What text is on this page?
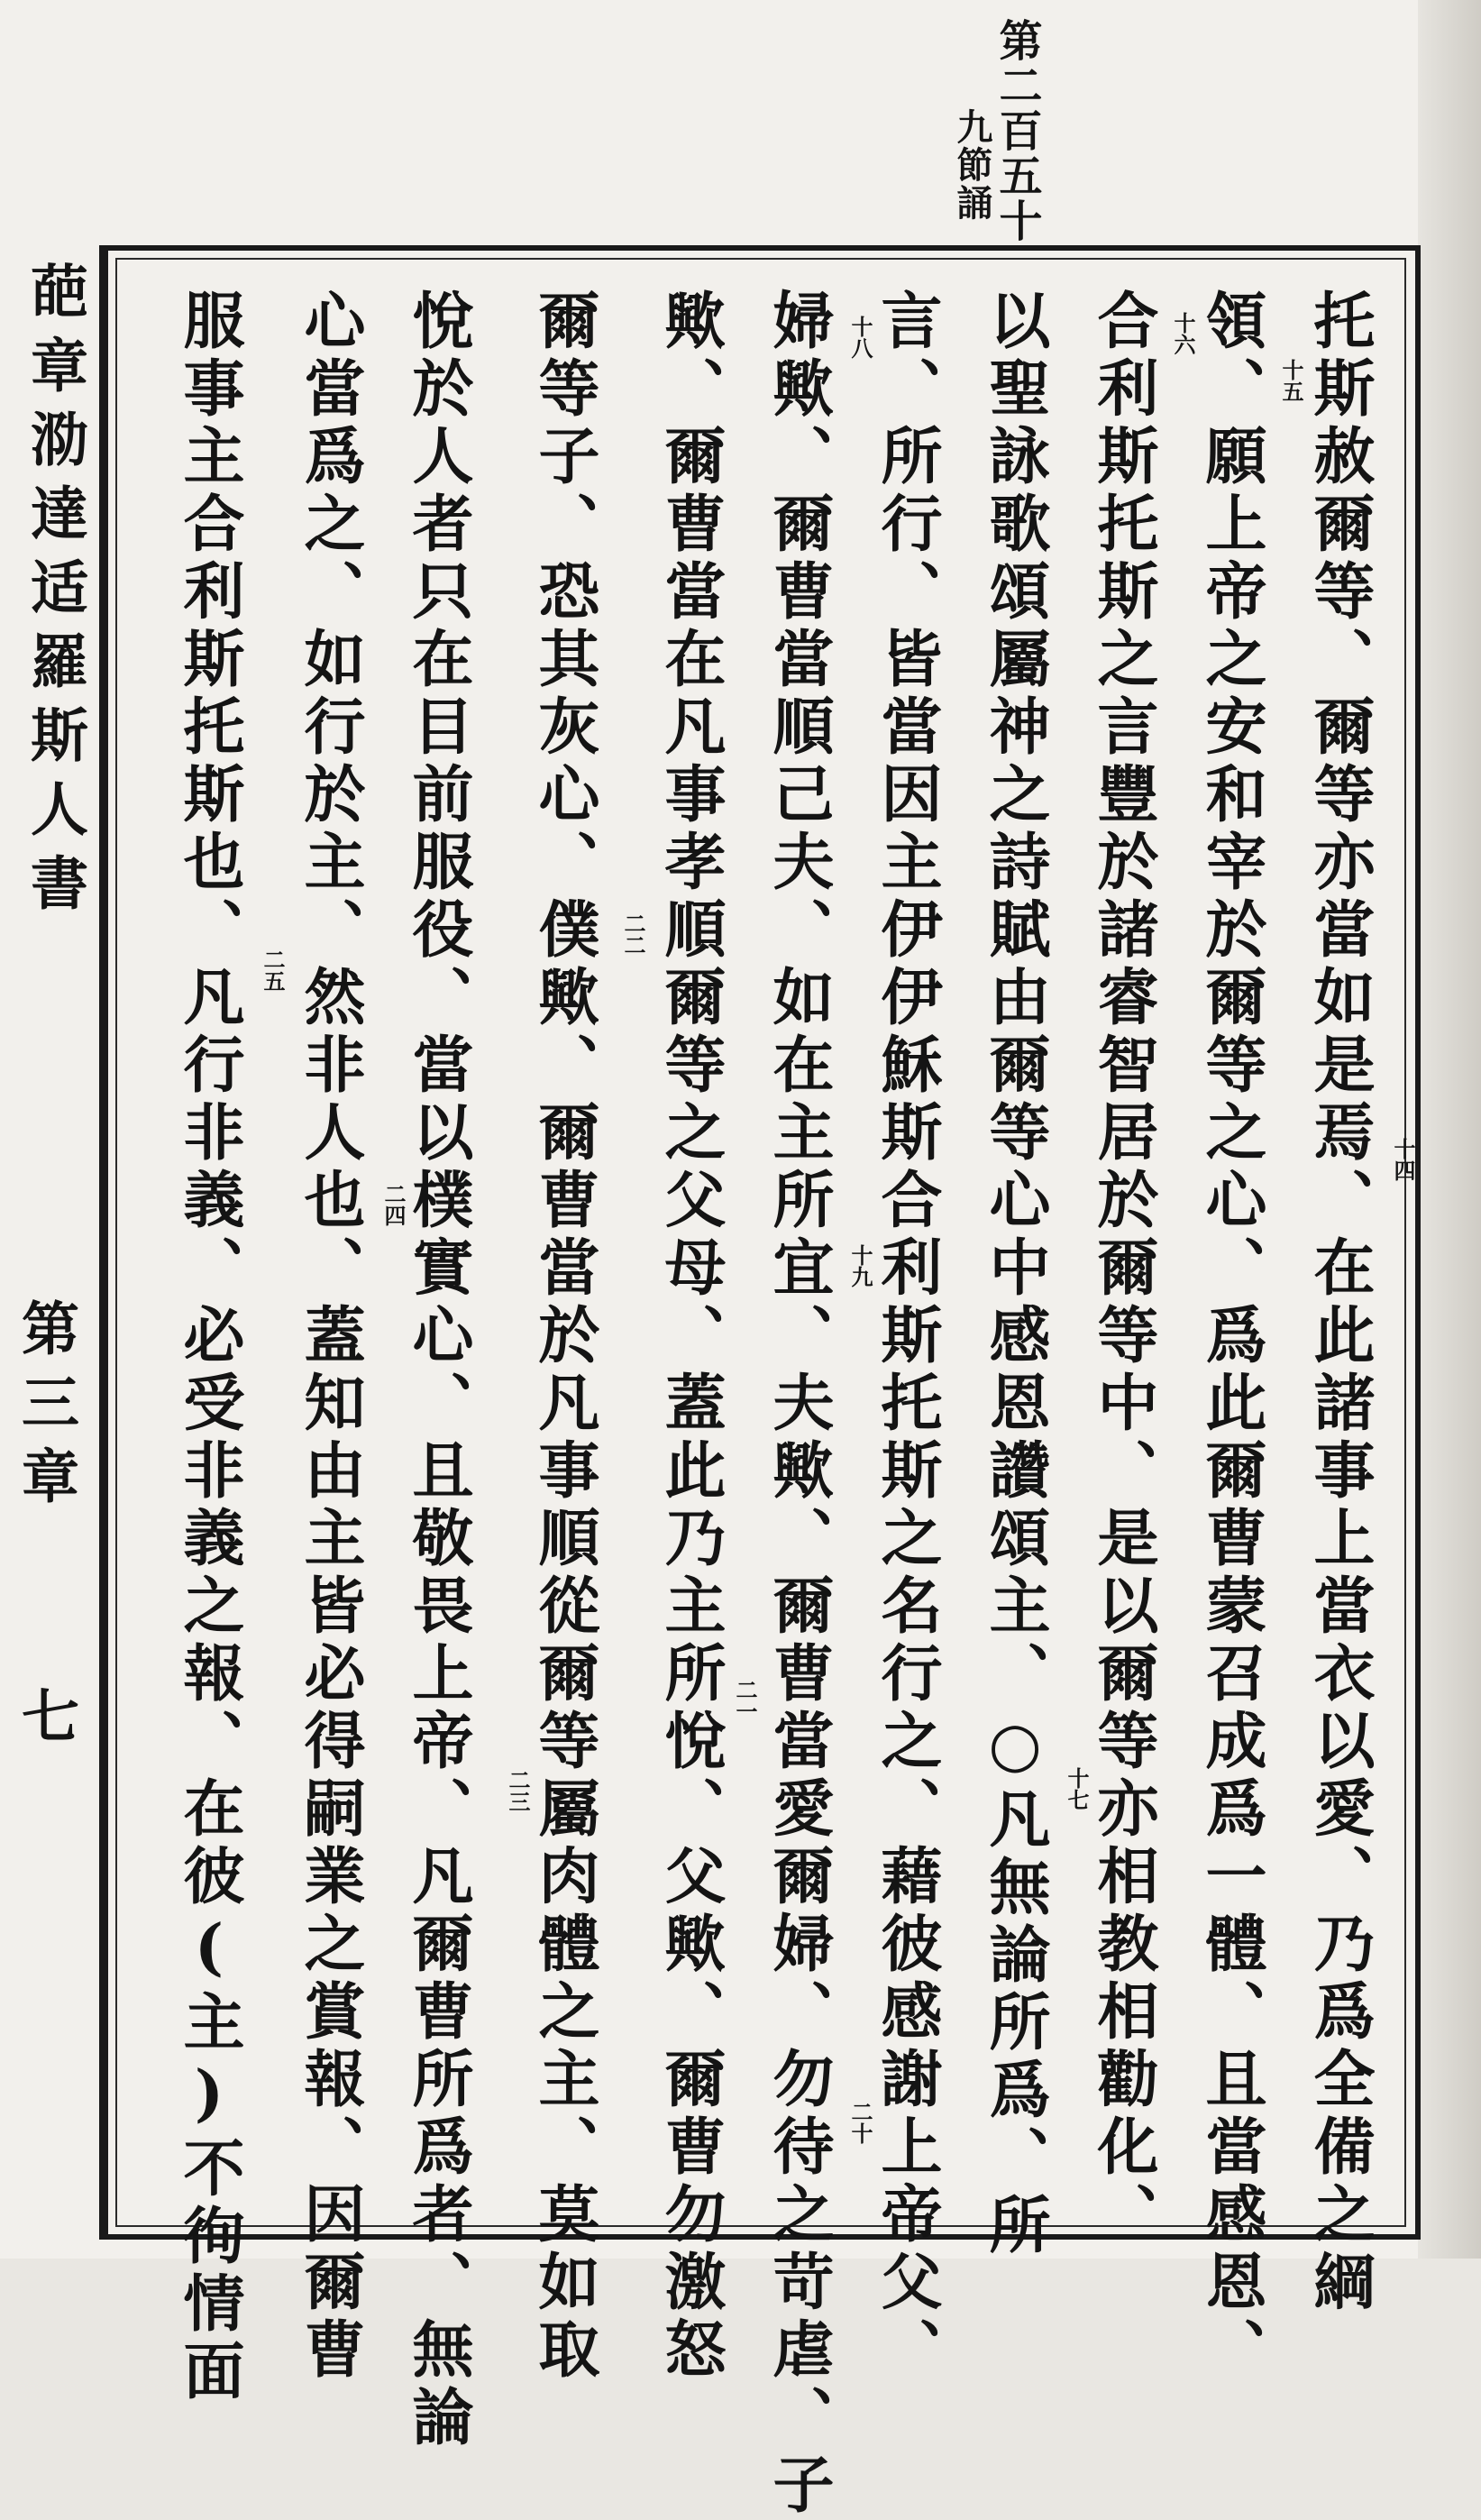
第二百五十
九節誦
葩章泐達适羅斯人書
第三章
七	托斯赦爾等、爾等亦當如是焉、在此諸事上當衣以愛、乃爲全備之綱
領、願上帝之安和宰於爾等之心、爲此爾曹蒙召成爲一體、且當感恩、
合利斯托斯之言豐於諸睿智居於爾等中、是以爾等亦相教相勸化、
以聖詠歌頌屬神之詩賦由爾等心中感恩讚頌主、○凡無論所爲、所
言、所行、皆當因主伊伊穌斯合利斯托斯之名行之、藉彼感謝上帝父、
婦歟、爾曹當順己夫、如在主所宜、夫歟、爾曹當愛爾婦、勿待之苛虐、子
歟、爾曹當在凡事孝順爾等之父母、蓋此乃主所悅、父歟、爾曹勿激怒
爾等子、恐其灰心、僕歟、爾曹當於凡事順從爾等屬肉體之主、莫如取
悅於人者只在目前服役、當以樸實心、且敬畏上帝、凡爾曹所爲者、無論
心當爲之、如行於主、然非人也、蓋知由主皆必得嗣業之賞報、因爾曹
服事主合利斯托斯也、凡行非義、必受非義之報、在彼(主)不徇情面	十四
十五
十六
十七
十八
十九
二十
二一
二二
二三
二四
二五
